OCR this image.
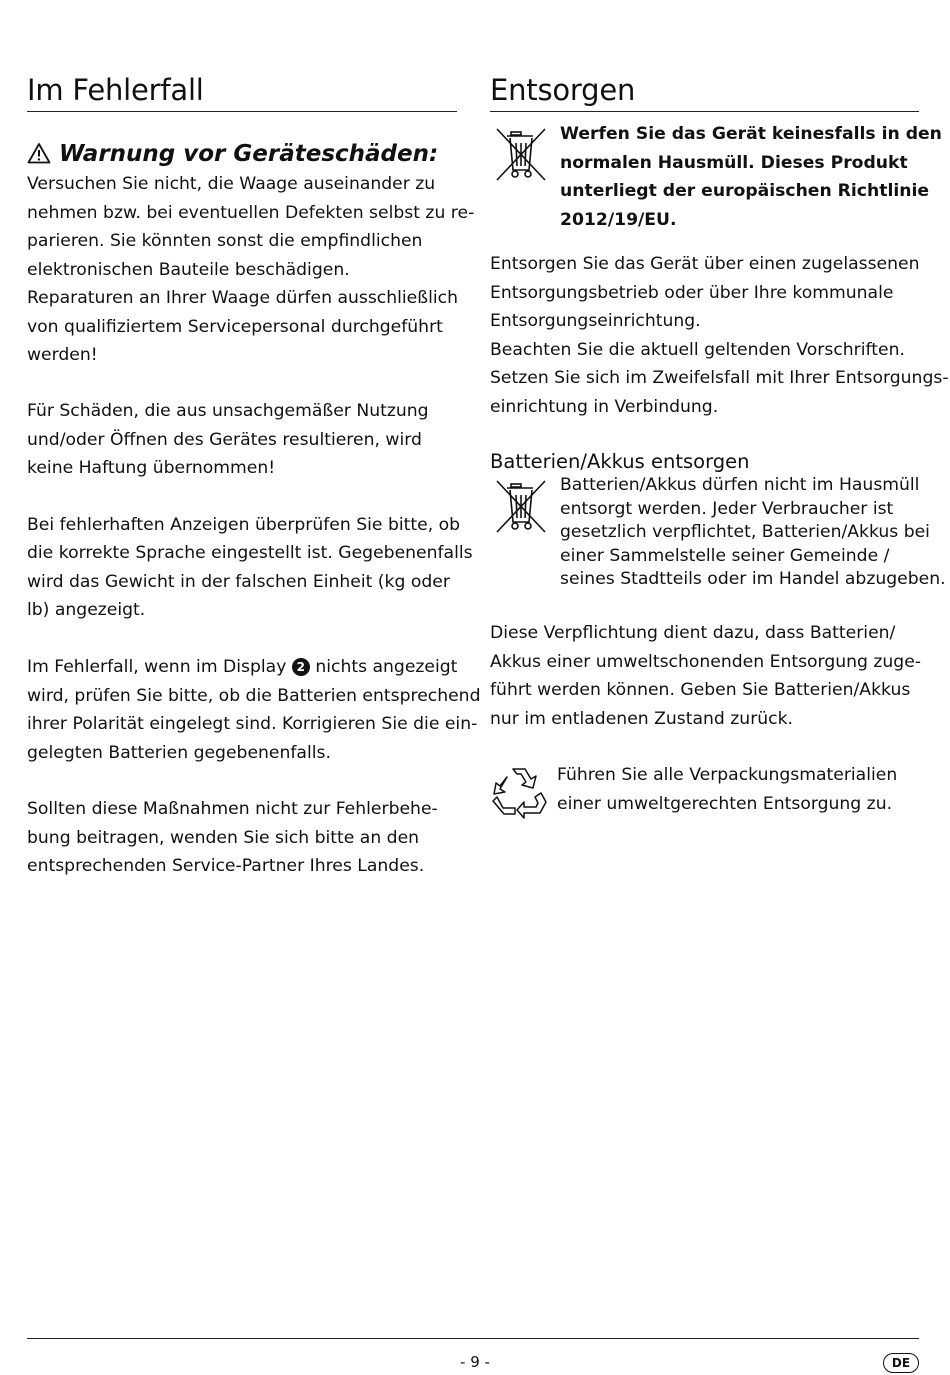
Im Fehlerfall
Warnung vor Geräteschäden:

Versuchen Sie nicht, die Waage auseinander zu

nehmen bzw. bei eventuellen Defekten selbst zu re-

parieren. Sie könnten sonst die empfindlichen

elektronischen Bauteile beschädigen.

Reparaturen an Ihrer Waage dürfen ausschließlich

von qualifiziertem Servicepersonal durchgeführt

werden!

Für Schäden, die aus unsachgemäßer Nutzung

und/oder Öffnen des Gerätes resultieren, wird

keine Haftung übernommen!

Bei fehlerhaften Anzeigen überprüfen Sie bitte, ob

die korrekte Sprache eingestellt ist. Gegebenenfalls

wird das Gewicht in der falschen Einheit (kg oder

lb) angezeigt.

Im Fehlerfall, wenn im Display 2 nichts angezeigt

wird, prüfen Sie bitte, ob die Batterien entsprechend

ihrer Polarität eingelegt sind. Korrigieren Sie die ein-

gelegten Batterien gegebenenfalls.

Sollten diese Maßnahmen nicht zur Fehlerbehe-

bung beitragen, wenden Sie sich bitte an den

entsprechenden Service-Partner Ihres Landes.

Entsorgen

Werfen Sie das Gerät keinesfalls in den

normalen Hausmüll. Dieses Produkt

unterliegt der europäischen Richtlinie

2012/19/EU.

Entsorgen Sie das Gerät über einen zugelassenen

Entsorgungsbetrieb oder über Ihre kommunale

Entsorgungseinrichtung.

Beachten Sie die aktuell geltenden Vorschriften.

Setzen Sie sich im Zweifelsfall mit Ihrer Entsorgungs-

einrichtung in Verbindung.

Batterien/Akkus entsorgen

Batterien/Akkus dürfen nicht im Hausmüll

entsorgt werden. Jeder Verbraucher ist

gesetzlich verpflichtet, Batterien/Akkus bei

einer Sammelstelle seiner Gemeinde /

seines Stadtteils oder im Handel abzugeben.

Diese Verpflichtung dient dazu, dass Batterien/

Akkus einer umweltschonenden Entsorgung zuge-

führt werden können. Geben Sie Batterien/Akkus

nur im entladenen Zustand zurück.

Führen Sie alle Verpackungsmaterialien

einer umweltgerechten Entsorgung zu.

- 9 -	DE
